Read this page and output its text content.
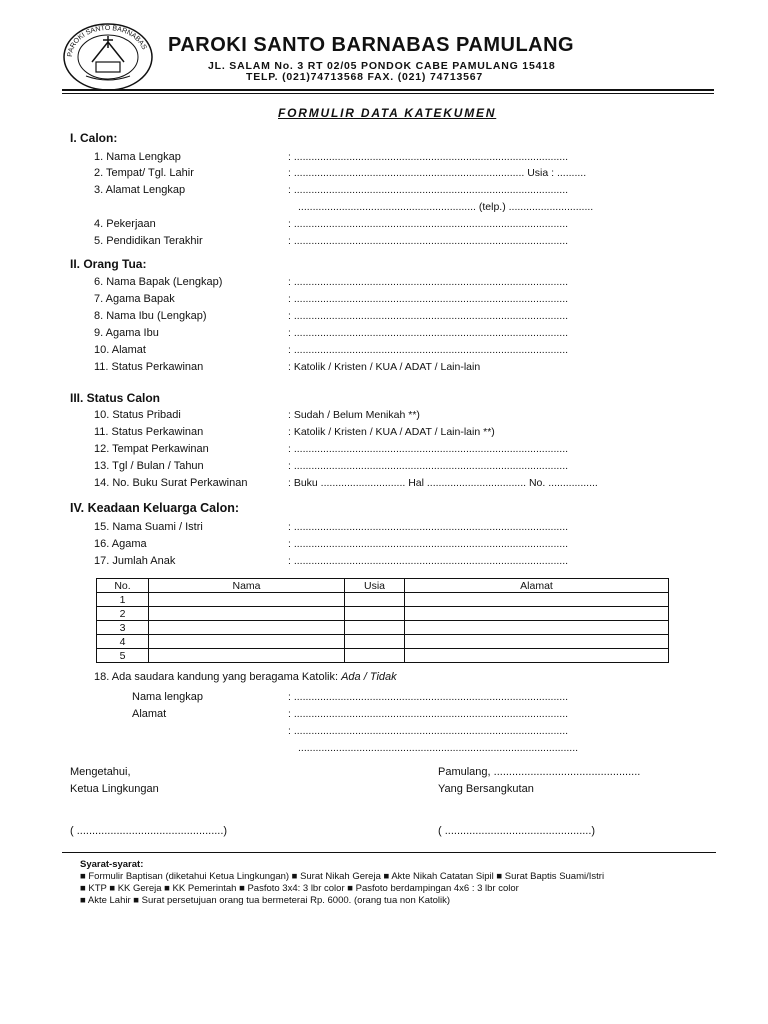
PAROKI SANTO BARNABAS PAROKI SANTO BARNABAS PAMULANG
JL. SALAM No. 3 RT 02/05 PONDOK CABE PAMULANG 15418
TELP. (021)74713568 FAX. (021) 74713567
FORMULIR DATA KATEKUMEN
I. Calon:
1. Nama Lengkap	: ..............................................................................................
2. Tempat/ Tgl. Lahir	: ............................................................................... Usia : ..........
3. Alamat Lengkap	: ..............................................................................................
............................................................. (telp.) .............................
4. Pekerjaan	: ..............................................................................................
5. Pendidikan Terakhir	: ..............................................................................................
II. Orang Tua:
6. Nama Bapak (Lengkap)	: ..............................................................................................
7. Agama Bapak	: ..............................................................................................
8. Nama Ibu (Lengkap)	: ..............................................................................................
9. Agama Ibu	: ..............................................................................................
10. Alamat	: ..............................................................................................
11. Status Perkawinan	: Katolik / Kristen / KUA / ADAT / Lain-lain
III. Status Calon
10. Status Pribadi	: Sudah / Belum Menikah **)
11. Status Perkawinan	: Katolik / Kristen / KUA / ADAT / Lain-lain **)
12. Tempat Perkawinan	: ..............................................................................................
13. Tgl / Bulan / Tahun	: ..............................................................................................
14. No. Buku Surat Perkawinan	: Buku ............................. Hal .................................. No. .................
IV. Keadaan Keluarga Calon:
15. Nama Suami / Istri	: ..............................................................................................
16. Agama	: ..............................................................................................
17. Jumlah Anak	: ..............................................................................................
No.	Nama	Usia	Alamat
1			
2			
3			
4			
5			
18. Ada saudara kandung yang beragama Katolik: Ada / Tidak
Nama lengkap	: ..............................................................................................
Alamat	: ..............................................................................................
: ..............................................................................................
................................................................................................
Mengetahui,
Ketua Lingkungan
( ................................................)
Pamulang, ................................................
Yang Bersangkutan
( ................................................)
Syarat-syarat:
■ Formulir Baptisan (diketahui Ketua Lingkungan) ■ Surat Nikah Gereja ■ Akte Nikah Catatan Sipil ■ Surat Baptis Suami/Istri
■ KTP ■ KK Gereja ■ KK Pemerintah ■ Pasfoto 3x4: 3 lbr color ■ Pasfoto berdampingan 4x6 : 3 lbr color
■ Akte Lahir ■ Surat persetujuan orang tua bermeterai Rp. 6000. (orang tua non Katolik)
